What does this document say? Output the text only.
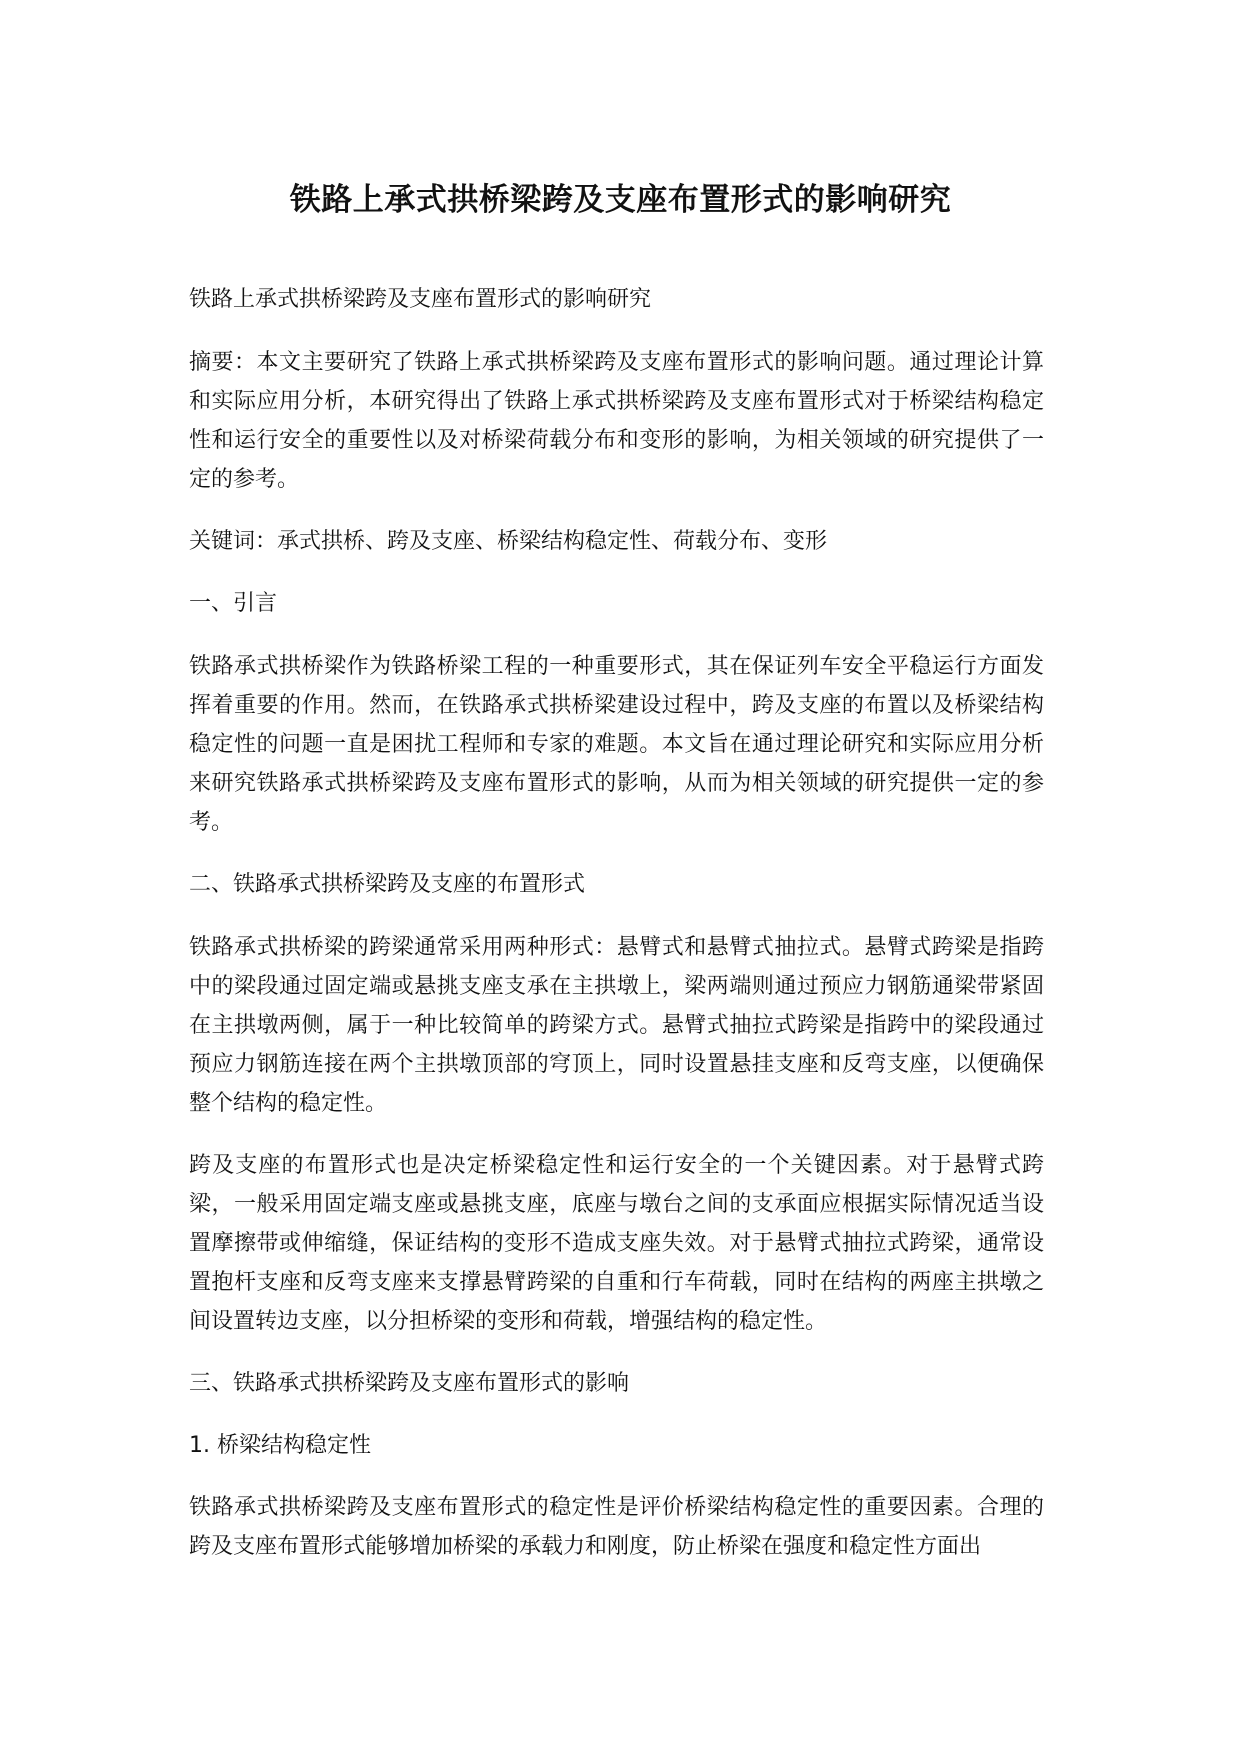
铁路上承式拱桥梁跨及支座布置形式的影响研究

铁路上承式拱桥梁跨及支座布置形式的影响研究

摘要：本文主要研究了铁路上承式拱桥梁跨及支座布置形式的影响问题。通过理论计算和实际应用分析，本研究得出了铁路上承式拱桥梁跨及支座布置形式对于桥梁结构稳定性和运行安全的重要性以及对桥梁荷载分布和变形的影响，为相关领域的研究提供了一定的参考。

关键词：承式拱桥、跨及支座、桥梁结构稳定性、荷载分布、变形

一、引言

铁路承式拱桥梁作为铁路桥梁工程的一种重要形式，其在保证列车安全平稳运行方面发挥着重要的作用。然而，在铁路承式拱桥梁建设过程中，跨及支座的布置以及桥梁结构稳定性的问题一直是困扰工程师和专家的难题。本文旨在通过理论研究和实际应用分析来研究铁路承式拱桥梁跨及支座布置形式的影响，从而为相关领域的研究提供一定的参考。

二、铁路承式拱桥梁跨及支座的布置形式

铁路承式拱桥梁的跨梁通常采用两种形式：悬臂式和悬臂式抽拉式。悬臂式跨梁是指跨中的梁段通过固定端或悬挑支座支承在主拱墩上，梁两端则通过预应力钢筋通梁带紧固在主拱墩两侧，属于一种比较简单的跨梁方式。悬臂式抽拉式跨梁是指跨中的梁段通过预应力钢筋连接在两个主拱墩顶部的穹顶上，同时设置悬挂支座和反弯支座，以便确保整个结构的稳定性。

跨及支座的布置形式也是决定桥梁稳定性和运行安全的一个关键因素。对于悬臂式跨梁，一般采用固定端支座或悬挑支座，底座与墩台之间的支承面应根据实际情况适当设置摩擦带或伸缩缝，保证结构的变形不造成支座失效。对于悬臂式抽拉式跨梁，通常设置抱杆支座和反弯支座来支撑悬臂跨梁的自重和行车荷载，同时在结构的两座主拱墩之间设置转边支座，以分担桥梁的变形和荷载，增强结构的稳定性。

三、铁路承式拱桥梁跨及支座布置形式的影响

1. 桥梁结构稳定性

铁路承式拱桥梁跨及支座布置形式的稳定性是评价桥梁结构稳定性的重要因素。合理的跨及支座布置形式能够增加桥梁的承载力和刚度，防止桥梁在强度和稳定性方面出
